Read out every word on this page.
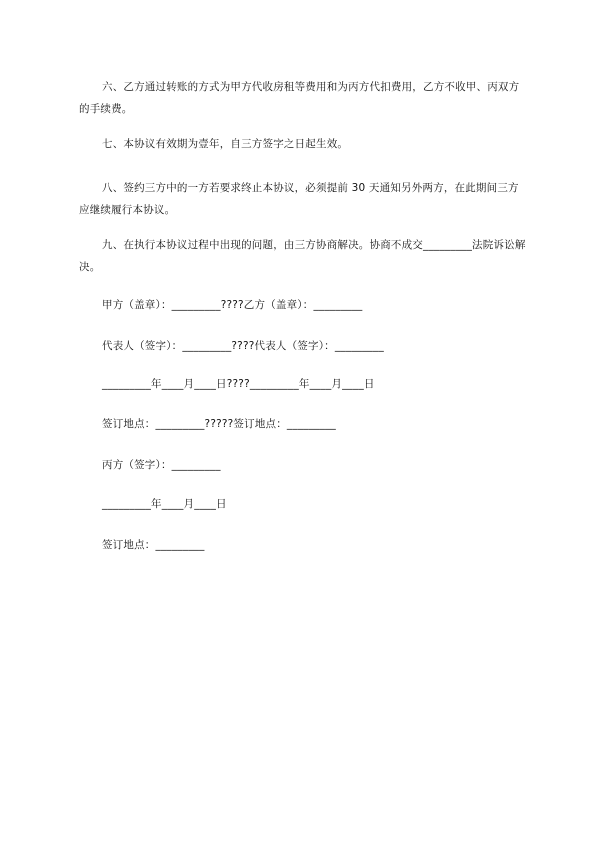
六、乙方通过转账的方式为甲方代收房租等费用和为丙方代扣费用，乙方不收甲、丙双方的手续费。
七、本协议有效期为壹年，自三方签字之日起生效。
八、签约三方中的一方若要求终止本协议，必须提前 30 天通知另外两方，在此期间三方应继续履行本协议。
九、在执行本协议过程中出现的问题，由三方协商解决。协商不成交_________法院诉讼解决。
甲方（盖章）：_________????乙方（盖章）：_________
代表人（签字）：_________????代表人（签字）：_________
_________年____月____日????_________年____月____日
签订地点：_________?????签订地点：_________
丙方（签字）：_________
_________年____月____日
签订地点：_________
